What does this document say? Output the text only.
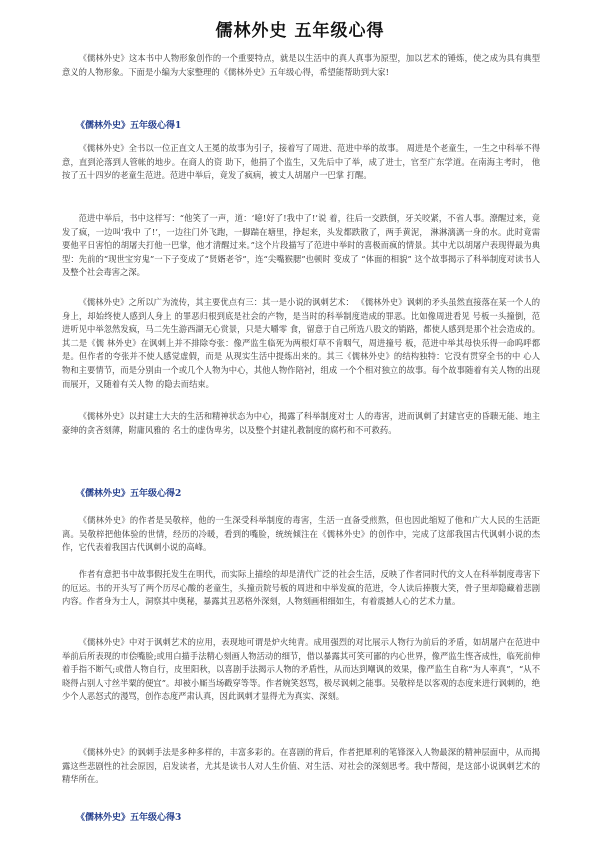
儒林外史 五年级心得

《儒林外史》这本书中人物形象创作的一个重要特点，就是以生活中的真人真事为原型，加以艺术的锤炼，使之成为具有典型意义的人物形象。下面是小编为大家整理的《儒林外史》五年级心得，希望能帮助到大家!

《儒林外史》五年级心得1

《儒林外史》全书以一位正直文人王冕的故事为引子，接着写了周进、范进中举的故事。 周进是个老童生，一生之中科举不得意，直到沦落到人管帐的地步。在商人的资 助下，他捐了个监生，又先后中了举，成了进士，官至广东学道。在南海主考时， 他按了五十四岁的老童生范进。范进中举后，竟发了疯病，被丈人胡屠户一巴掌 打醒。

范进中举后，书中这样写：“他笑了一声，道：‘噫!好了!我中了!’说 着，往后一交跌倒，牙关咬紧，不省人事。潦醒过来，竟发了疯，一边叫‘我中 了!’，一边往门外飞跑，一脚踹在塘里，挣起来，头发都跌散了，两手黄泥， 淋淋漓漓一身的水。此时竟需要他平日害怕的胡屠夫打他一巴掌，他才清醒过来。”这个片段描写了范进中举时的喜极而疯的情景。其中尤以胡屠户表现得最为典 型：先前的“现世宝穷鬼”一下子变成了“贤婿老爷”，连“尖嘴猴腮”也顿时 变成了 “体面的相貌” 这个故事揭示了科举制度对读书人及整个社会毒害之深。

《儒林外史》之所以广为流传，其主要优点有三：其一是小说的讽刺艺术： 《儒林外史》讽刺的矛头虽然直接落在某一个人的身上，却始终使人感到人身上 的罪恶归根到底是社会的产物，是当时的科举制度造成的罪恶。比如像周进看见 号板一头撞倒，范进听见中举忽然发疯，马二先生游西湖无心赏景，只是大嚼零 食，留意于自己所选八股文的销路，都使人感到是那个社会造成的。其二是《儒 林外史》在讽刺上并不排除夸张：像严监生临死为两根灯草不肯咽气，周进撞号 板，范进中举其母快乐得一命呜呼都是。但作者的夸张并不使人感觉虚假，而是 从现实生活中提炼出来的。其三《儒林外史》的结构独特：它没有贯穿全书的中 心人物和主要情节，而是分别由一个或几个人物为中心，其他人物作陪衬，组成 一个个相对独立的故事。每个故事随着有关人物的出现而展开，又随着有关人物 的隐去而结束。

《儒林外史》以封建士大夫的生活和精神状态为中心，揭露了科举制度对士 人的毒害，进而讽刺了封建官吏的昏聩无能、地主豪绅的贪吝刻薄，附庸风雅的 名士的虚伪卑劣，以及整个封建礼教制度的腐朽和不可救药。

《儒林外史》五年级心得2

《儒林外史》的作者是吴敬梓，他的一生深受科举制度的毒害，生活一直备受煎熬，但也因此缩短了他和广大人民的生活距离。吴敬梓把他体验的世情，经历的冷暖，看到的嘴脸，统统倾注在《儒林外史》的创作中，完成了这部我国古代讽刺小说的杰作，它代表着我国古代讽刺小说的高峰。

作者有意把书中故事假托发生在明代，而实际上描绘的却是清代广泛的社会生活，反映了作者同时代的文人在科举制度毒害下的厄运。书的开头写了两个历尽心酸的老童生，头撞贡院号板的周进和中举发疯的范进，令人读后捧腹大笑，骨子里却隐藏着悲剧内容。作者身为士人，洞察其中奥秘，暴露其丑恶格外深刻，人物刻画相细如生，有着震撼人心的艺术力量。

《儒林外史》中对于讽刺艺术的应用，表现地可谓是炉火纯青。成用强烈的对比展示人物行为前后的矛盾，如胡屠户在范进中举前后所表现的市侩嘴脸;或用白描手法精心刻画人物活动的细节，借以暴露其可笑可鄙的内心世界，像严监生悭吝成性，临死前伸着手指不断气;或借人物自行，皮里阳秋，以喜剧手法揭示人物的矛盾性，从而达到嘲讽的效果，像严监生自称“为人率真”，“从不晓得占别人寸丝半粟的便宜”。却被小厮当场戳穿等等。作者婉笑怒骂，极尽讽刺之能事。吴敬梓是以客观的态度来进行讽刺的，绝少个人恶怒式的漫骂，创作态度严肃认真，因此讽刺才显得尤为真实、深刻。

《儒林外史》的讽刺手法是多种多样的，丰富多彩的。在喜剧的背后，作者把犀利的笔锋深入人物最深的精神层面中，从而揭露这些悲剧性的社会原因，启发读者，尤其是读书人对人生价值、对生活、对社会的深刻思考。我中帮阅，是这部小说讽刺艺术的精华所在。

《儒林外史》五年级心得3
